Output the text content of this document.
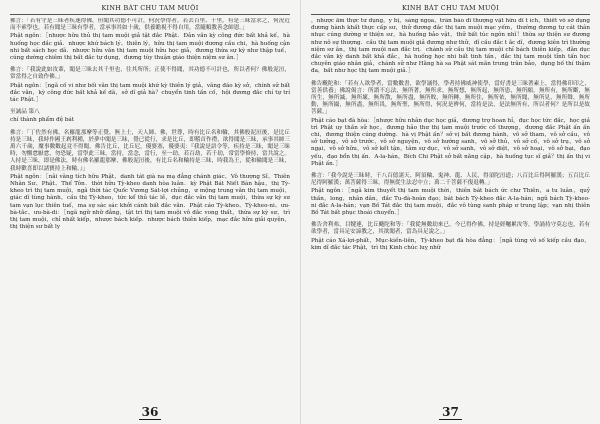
KINH BẢT CHU TAM MUỘI

佛言：「若有守是三昧者疾速得佛，但聞其功德不可計，何況學得者。若去百里、千里，有是三昧當求之，何況近而不索學也。若有聞是三昧有學者，當承事其如十歲，供養瞻視不得自用，當隨順教善念師恩。」

Phật ngôn：［nhược hữu thủ thị tam muội giả tật đắc Phật．Đản văn kỳ công đức bất khả kế，hà huống học đắc giả．nhược khứ bách lý、thiên lý，hữu thị tam muội đương cầu chi，hà huống cận nhi bất sách học dã．nhược hữu văn thị tam muội hữu học giả，đương thừa sự kỳ như thập tuế，cúng dường chiêm thị bất đắc tự dụng，đương tùy thuận giáo thiện niệm sư ân．］

佛言：「我說此如汝輩，聞是三昧去其千里也，往其所所；正使不得聞，其功德不可計也，所以者何？佛般泥洹，常當得之自致作佛。」

Phật ngôn：［ngã cố vi như bối vãn thị tam muội khứ kỳ thiên lý giả，vãng đáo kỳ sở，chính sử bất đắc văn，kỳ công đức bất khả kế dã，sở dĩ giả hà？chuyển tinh tấn cố，hội đương đắc chí tự trí tác Phật．］

至誠品 第八

chí thành phẩm đệ bát

佛言：「丁佐然有佛，名羅龍那摩等正覺，無上士，天人師、佛，世尊，時有比丘名和輪，其佛般泥洹後，是比丘持是三昧，我時作國王剎利種，於夢中聞是三昧，覺已從行，求是比丘，即稽首作禮，欲得聞是三昧，承事其師三萬六千歲，魔事數數起竟不得聞。佛告比丘，比丘尼，優婆塞，優婆夷：『我說是語令等，疾持是三昧，聞是三昧時，勿懈怠厭怠，勿恐疑，當學此三昧，當持，當念，當行，至一劫，若百劫，若千劫，常當學修持，當共說之。人持是三昧，即是佛法，時有佛名羅龍那摩，佛般泥洹後，有比丘名和輪持是三昧，時我為王，從和輪聞是三昧，我時歡喜即以諸寶持上和輪。』」

Phật ngôn：［nãi vãng tích hữu Phật，danh tát già na mạ đẳng chánh giác，Vô thượng Sĩ、Thiên Nhân Sư、Phật、Thế Tôn．thời hữu Tỳ-kheo danh hòa luân．kỳ Phật Bát Niết Bàn hậu，thị Tỳ-kheo trì thị tam muội，ngã thời tác Quốc Vương Sát-lợi chủng，ư mộng trung văn thị tam muội，giác dĩ tùng hành，cầu thị Tỳ-kheo，tức kể thủ tác lễ，dục đắc văn thị tam muội，thừa sự kỳ sư tam vạn lục thiên tuế，ma sự sác sác khởi cánh bất đắc văn．Phật cáo Tỳ-kheo、Tỳ-kheo-ni、ưu-bà-tắc、ưu-bà-di：［ngã ngữ nhữ đẳng，tật trì thị tam muội vô đắc vong thất，thừa sự kỳ sư，trì thị tam muội，chỉ nhất kiếp，nhược bách kiếp．nhược bách thiên kiếp，mạc đắc hữu giải quyện，thị thiện sư bất ly

36
KINH BẢT CHU TAM MUỘI

，nhược ẩm thực tư dụng，y bị，sàng ngọa，trân bảo dĩ thượng vật hữu dĩ t ích，thiết vô sở dụng đương hành khất thực cấp sư，thử đương đắc thị tam muội mạc yếm，thường đương tự cát thân nhục cúng dường ư thiện sư，hà huống bảo vật，thử bất túc ngôn nhĩ！thừa sự thiện sư đương như nô sự thượng．cầu thị tam muội giả đương như thử，dĩ cầu đắc t ắc dĩ，đương kiên trì thường niệm sư ân，thị tam muội nan đắc trị．chánh sử cầu thị tam muội chỉ bách thiên kiếp，đãn dục đắc văn kỳ danh bất khả đắc，hà huống học nhi bất tinh tấn，đắc thị tam muội tỉnh tấn học chuyên giáo nhân giả，chánh sử như Hằng hà sa Phật sát mãn trung trân bảo，dụng bố thí thậm đa，bất như học thị tam muội giả．］

佛告颰陀和：「若有人欲學者，當數數書，欲學誦得，學者持佛威神使學，當好書是三昧著素上，當得佛印印之，當善供養」佛說偈言：所謂不忘法，無所著，無所求，無所想，無所起，無所患，無所願，無所有，無所斷，無所生，無所滅，無所壞，無所散，無所盡，無所敗，無所轉，無所住，無所依，無所聞，無所見，無所聲，無所動，無所撮，無所盡，無所畏，無所聖，無所得，何況是辨何，當持是法，是法無所有，所以者何？是所以是故菩薩。」

Phật cáo bạt đà hòa：［nhược hữu nhân dục học giả，đương trợ hoan hỉ，đục học tức đắc，học giả trì Phật uy thần sử học，đương hảo thư thị tam muội trước cố thượng，đương đắc Phật ấn ấn chi，đương thiện cúng dường．hà vị Phật ấn？sở vị bất đương hành，vô sở tham，vô sở cầu，vô sở tưởng，vô sở trước，vô sở nguyện，vô sở hướng sanh，vô sở thủ，vô sở cố，vô sở trụ，vô sở ngại，vô sở hữu，vô sở kết tận，tâm sự dục，vô sở sanh，vô sở diệt，vô sở hoại，vô sở bại，đạo yếu，đạo bổn thị ấn．A-la-hán，Bích Chi Phật sở bất năng cập，hà huống tục sĩ giả？thị ấn thị vi Phật ấn．］

佛言：「我今說是三昧時，千八百億諸天、阿須輪、鬼神、龍、人民，得須陀洹道；八百比丘得阿羅漢；五百比丘尼得阿羅漢；萬菩薩得三昧，得無從生法忍中立；萬二千菩薩不復退轉。」

Phật ngôn：［ngã kim thuyết thị tam muội thời，thiên bát bách ức chư Thiên，a tu luân，quỷ thần，long，nhân dân，đắc Tu-đà-hoàn đạo；bát bách Tỳ-kheo đắc A-la-hán；ngũ bách Tỳ-kheo-ni đắc A-la-hán；vạn Bồ Tát đắc thị tam muội，đắc vô tùng sanh pháp ư trung lập；vạn nhị thiên Bồ Tát bất phục thoái chuyển．］

佛告舍利弗，目犍連，比丘颰陀和等：「我從無數劫來已，今已得作佛，持是經囑累汝等，學誦持守莫忘也，若有欲學者，當具足安諦教之，其欲聞者，當為具足說之。」

Phật cáo Xá-lợi-phất，Mục-kiền-liên，Tỳ-kheo bạt đà hòa đẳng：［ngã tùng vô số kiếp cầu đạo，kim dĩ đắc tác Phật，trì thị Kinh chúc luỵ nhữ

37
